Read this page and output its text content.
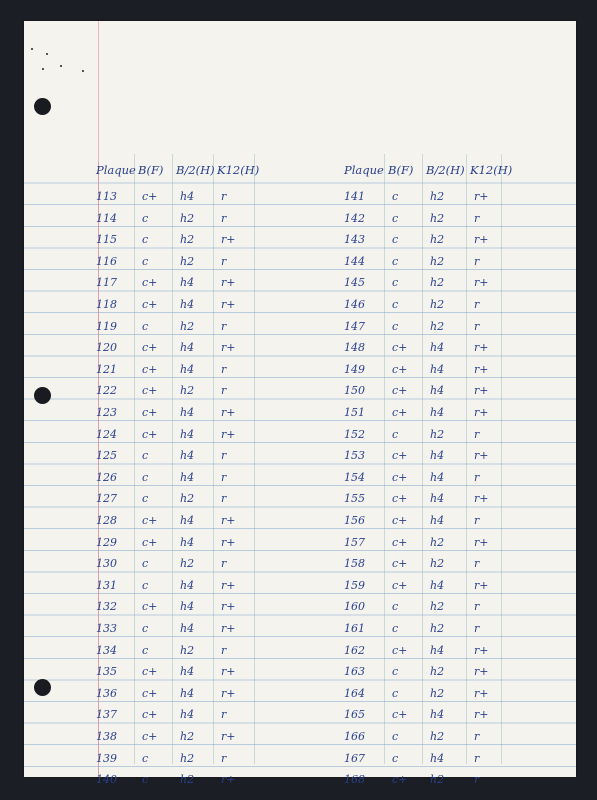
Plaque B(F) B/2(H) K12(H)	Plaque B(F) B/2(H) K12(H)
113 c+ h4 r
114 c	h2 r
115 c	h2 r+
116 c	h2 r
117 c+ h4 r+
118 c+ h4 r+
119 c	h2 r
120 c+ h4 r+
121 c+ h4 r
122 c+ h2 r
123 c+ h4 r+
124 c+ h4 r+
125 c	h4 r
126 c	h4 r
127 c	h2 r
128 c+ h4 r+
129 c+ h4 r+
130 c	h2 r
131 c	h4 r+
132 c+ h4 r+
133 c	h4 r+
134 c	h2 r
135 c+ h4 r+
136 c+ h4 r+
137 c+ h4 r
138 c+ h2 r+
139 c	h2 r
140 c	h2 r+
141 c	h2	r+
142 c	h2	r
143 c	h2	r+
144 c	h2	r
145 c	h2	r+
146 c	h2	r
147 c	h2	r
148 c+ h4	r+
149 c+ h4	r+
150 c+ h4	r+
151 c+ h4	r+
152 c	h2	r
153 c+ h4	r+
154 c+ h4	r
155 c+ h4	r+
156 c+ h4	r
157 c+ h2	r+
158 c+ h2	r
159 c+ h4	r+
160 c	h2	r
161 c	h2	r
162 c+ h4	r+
163 c	h2	r+
164 c	h2	r+
165 c+ h4	r+
166 c	h2	r
167 c	h4	r
168 c+ h2	r
